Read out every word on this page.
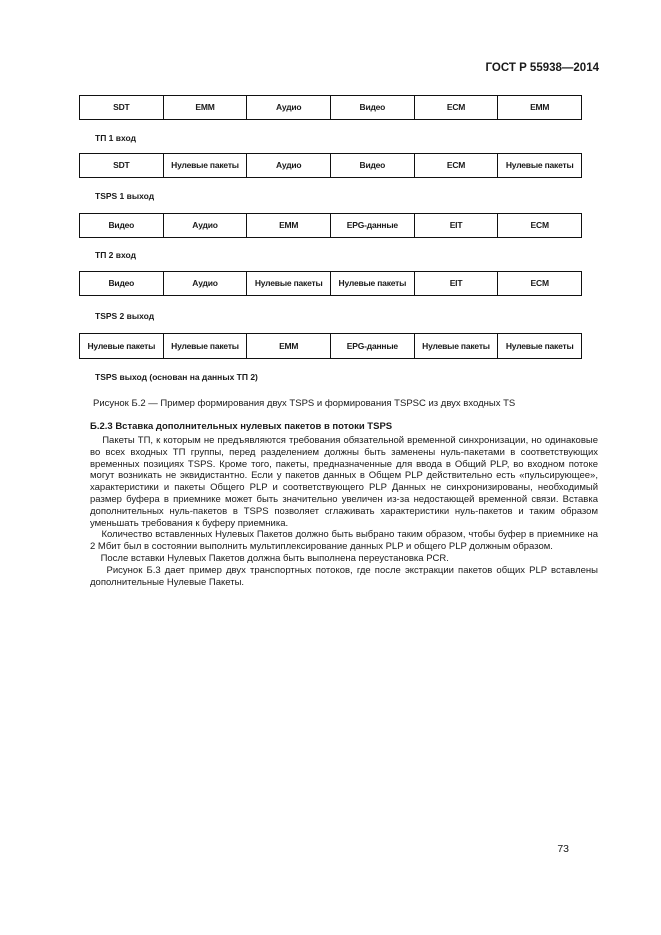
ГОСТ Р 55938—2014
SDT	EMM	Аудио	Видео	ECM	EMM
ТП 1 вход
SDT	Нулевые пакеты	Аудио	Видео	ECM	Нулевые пакеты
TSPS 1 выход
Видео	Аудио	EMM	EPG-данные	EIT	ECM
ТП 2 вход
Видео	Аудио	Нулевые пакеты	Нулевые пакеты	EIT	ECM
TSPS 2 выход
Нулевые пакеты	Нулевые пакеты	EMM	EPG-данные	Нулевые пакеты	Нулевые пакеты
TSPS выход (основан на данных ТП 2)
Рисунок Б.2 — Пример формирования двух TSPS и формирования TSPSC из двух входных TS
Б.2.3 Вставка дополнительных нулевых пакетов в потоки TSPS

Пакеты ТП, к которым не предъявляются требования обязательной временной синхронизации, но одинаковые во всех входных ТП группы, перед разделением должны быть заменены нуль-пакетами в соответствующих временных позициях TSPS. Кроме того, пакеты, предназначенные для ввода в Общий PLP, во входном потоке могут возникать не эквидистантно. Если у пакетов данных в Общем PLP действительно есть «пульсирующее», характеристики и пакеты Общего PLP и соответствующего PLP Данных не синхронизированы, необходимый размер буфера в приемнике может быть значительно увеличен из-за недостающей временной связи. Вставка дополнительных нуль-пакетов в TSPS позволяет сглаживать характеристики нуль-пакетов и таким образом уменьшать требования к буферу приемника.

Количество вставленных Нулевых Пакетов должно быть выбрано таким образом, чтобы буфер в приемнике на 2 Мбит был в состоянии выполнить мультиплексирование данных PLP и общего PLP должным образом.

После вставки Нулевых Пакетов должна быть выполнена переустановка PCR.

Рисунок Б.3 дает пример двух транспортных потоков, где после экстракции пакетов общих PLP вставлены дополнительные Нулевые Пакеты.

73
